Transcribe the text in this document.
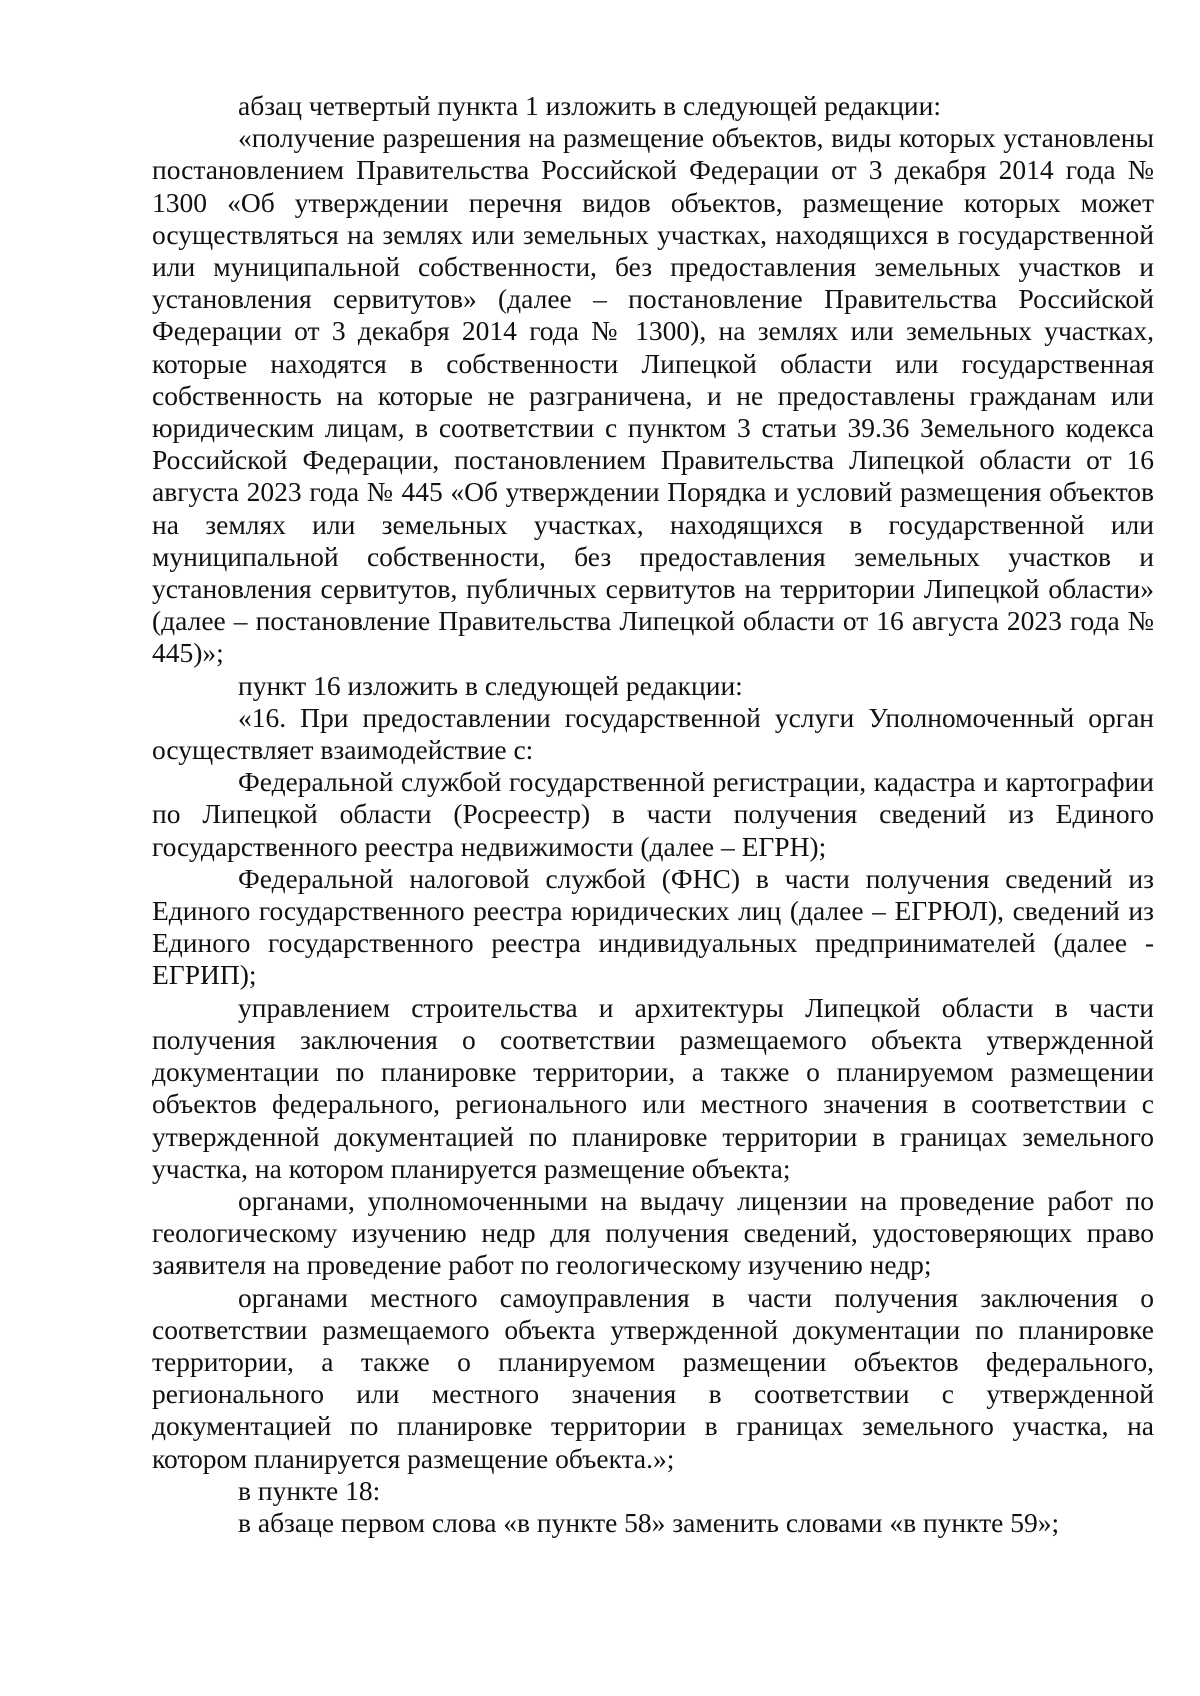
абзац четвертый пункта 1 изложить в следующей редакции:

«получение разрешения на размещение объектов, виды которых установлены постановлением Правительства Российской Федерации от 3 декабря 2014 года № 1300 «Об утверждении перечня видов объектов, размещение которых может осуществляться на землях или земельных участках, находящихся в государственной или муниципальной собственности, без предоставления земельных участков и установления сервитутов» (далее – постановление Правительства Российской Федерации от 3 декабря 2014 года № 1300), на землях или земельных участках, которые находятся в собственности Липецкой области или государственная собственность на которые не разграничена, и не предоставлены гражданам или юридическим лицам, в соответствии с пунктом 3 статьи 39.36 Земельного кодекса Российской Федерации, постановлением Правительства Липецкой области от 16 августа 2023 года № 445 «Об утверждении Порядка и условий размещения объектов на землях или земельных участках, находящихся в государственной или муниципальной собственности, без предоставления земельных участков и установления сервитутов, публичных сервитутов на территории Липецкой области» (далее – постановление Правительства Липецкой области от 16 августа 2023 года № 445)»;

пункт 16 изложить в следующей редакции:

«16. При предоставлении государственной услуги Уполномоченный орган осуществляет взаимодействие с:

Федеральной службой государственной регистрации, кадастра и картографии по Липецкой области (Росреестр) в части получения сведений из Единого государственного реестра недвижимости (далее – ЕГРН);

Федеральной налоговой службой (ФНС) в части получения сведений из Единого государственного реестра юридических лиц (далее – ЕГРЮЛ), сведений из Единого государственного реестра индивидуальных предпринимателей (далее - ЕГРИП);

управлением строительства и архитектуры Липецкой области в части получения заключения о соответствии размещаемого объекта утвержденной документации по планировке территории, а также о планируемом размещении объектов федерального, регионального или местного значения в соответствии с утвержденной документацией по планировке территории в границах земельного участка, на котором планируется размещение объекта;

органами, уполномоченными на выдачу лицензии на проведение работ по геологическому изучению недр для получения сведений, удостоверяющих право заявителя на проведение работ по геологическому изучению недр;

органами местного самоуправления в части получения заключения о соответствии размещаемого объекта утвержденной документации по планировке территории, а также о планируемом размещении объектов федерального, регионального или местного значения в соответствии с утвержденной документацией по планировке территории в границах земельного участка, на котором планируется размещение объекта.»;

в пункте 18:

в абзаце первом слова «в пункте 58» заменить словами «в пункте 59»;
